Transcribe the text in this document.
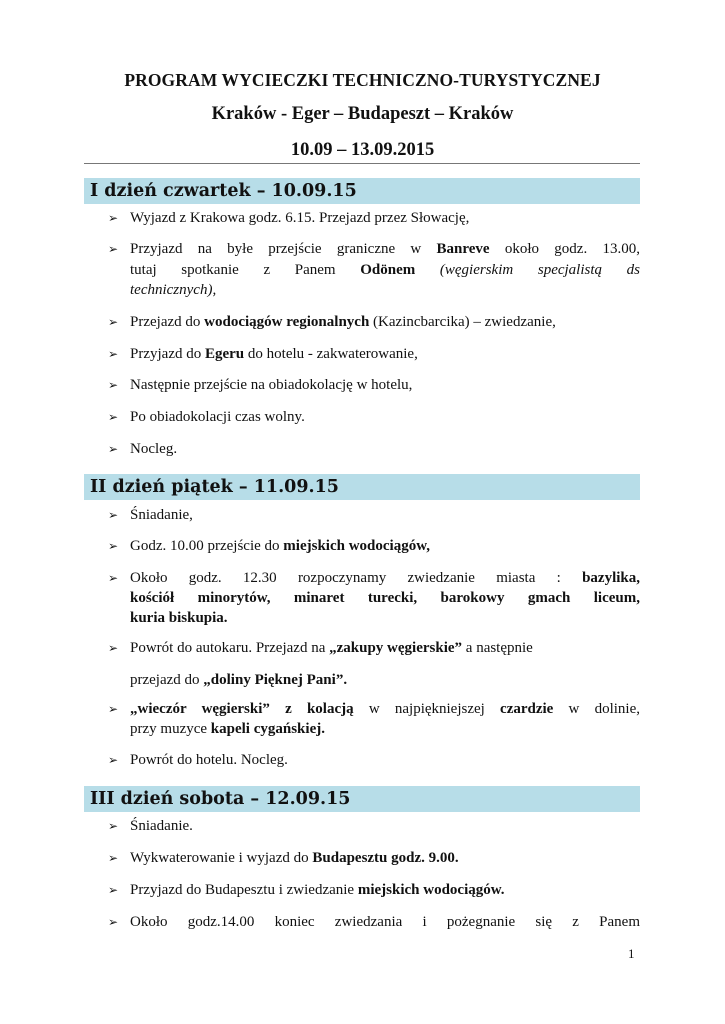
PROGRAM WYCIECZKI TECHNICZNO-TURYSTYCZNEJ
Kraków - Eger – Budapeszt – Kraków
10.09 – 13.09.2015
I dzień czwartek – 10.09.15
➢ Wyjazd z Krakowa godz. 6.15. Przejazd przez Słowację,
➢ Przyjazd na byłe przejście graniczne w Banreve około godz. 13.00,
tutaj spotkanie z Panem Odönem (węgierskim specjalistą ds
technicznych),
➢ Przejazd do wodociągów regionalnych (Kazincbarcika) – zwiedzanie,
➢ Przyjazd do Egeru do hotelu - zakwaterowanie,
➢ Następnie przejście na obiadokolację w hotelu,
➢ Po obiadokolacji czas wolny.
➢ Nocleg.
II dzień piątek – 11.09.15
➢ Śniadanie,
➢ Godz. 10.00 przejście do miejskich wodociągów,
➢ Około godz. 12.30 rozpoczynamy zwiedzanie miasta : bazylika,
kościół minorytów, minaret turecki, barokowy gmach liceum,
kuria biskupia.
➢ Powrót do autokaru. Przejazd na „zakupy węgierskie” a następnie
przejazd do „doliny Pięknej Pani”.
➢ „wieczór węgierski” z kolacją w najpiękniejszej czardzie w dolinie,
przy muzyce kapeli cygańskiej.
➢ Powrót do hotelu. Nocleg.
III dzień sobota – 12.09.15
➢ Śniadanie.
➢ Wykwaterowanie i wyjazd do Budapesztu godz. 9.00.
➢ Przyjazd do Budapesztu i zwiedzanie miejskich wodociągów.
➢ Około godz.14.00 koniec zwiedzania i pożegnanie się z Panem
1
